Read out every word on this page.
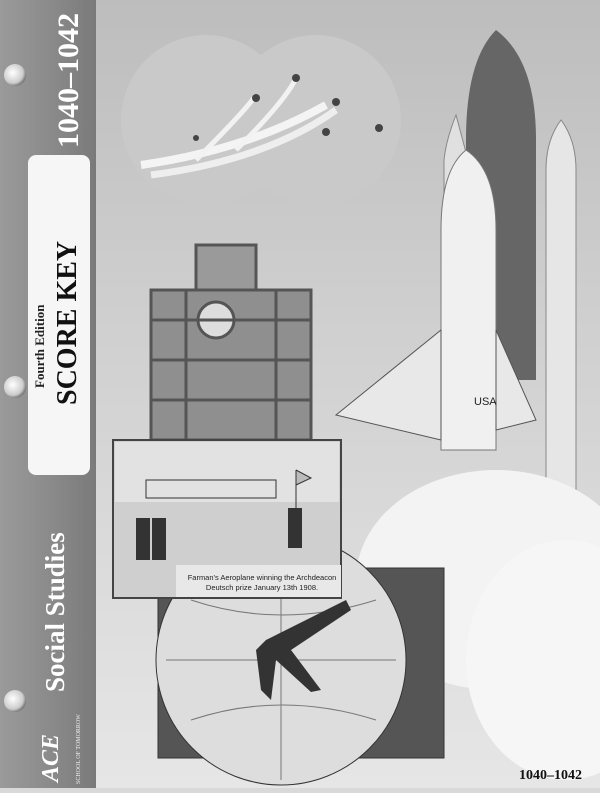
1040–1042
Fourth Edition SCORE KEY
Social Studies
ACE SCHOOL OF TOMORROW
USA
Farman's Aeroplane winning the Archdeacon
Deutsch prize January 13th 1908.
1040–1042
